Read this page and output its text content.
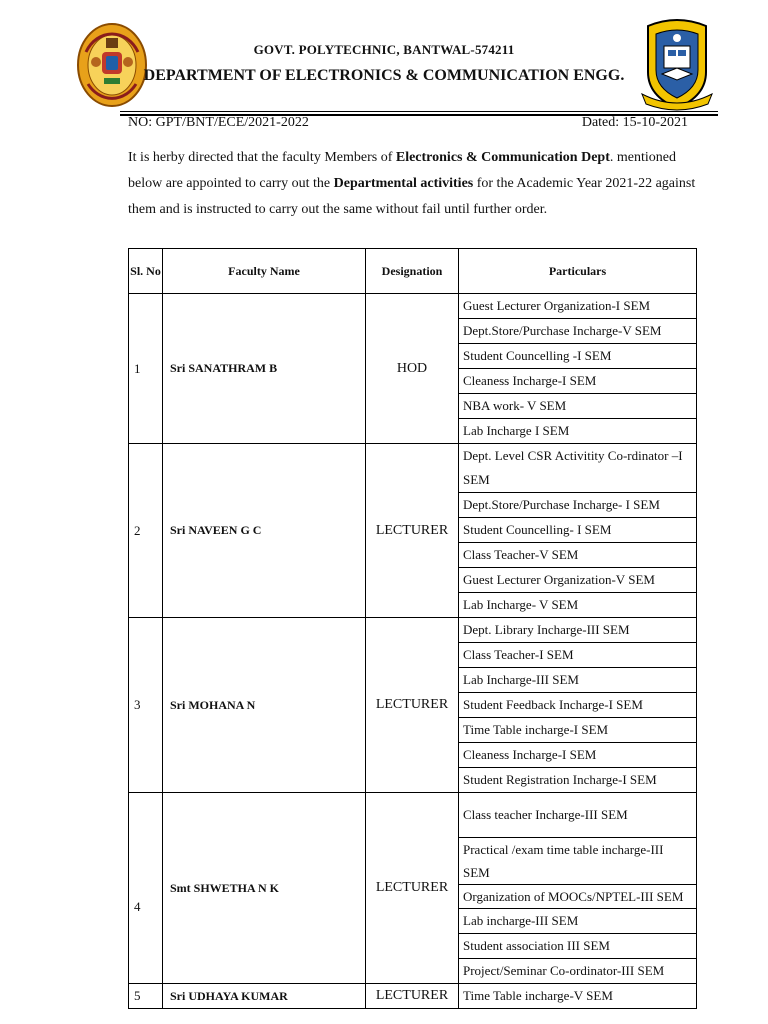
GOVT. POLYTECHNIC, BANTWAL-574211
DEPARTMENT OF ELECTRONICS & COMMUNICATION ENGG.
NO: GPT/BNT/ECE/2021-2022	Dated: 15-10-2021
It is herby directed that the faculty Members of Electronics & Communication Dept. mentioned below are appointed to carry out the Departmental activities for the Academic Year 2021-22 against them and is instructed to carry out the same without fail until further order.
Sl. No	Faculty Name	Designation	Particulars
1	Sri SANATHRAM B	HOD	Guest Lecturer Organization-I SEM
			Dept.Store/Purchase Incharge-V SEM
			Student Councelling -I SEM
			Cleaness Incharge-I SEM
			NBA work- V SEM
			Lab Incharge I SEM
2	Sri NAVEEN G C	LECTURER	Dept. Level CSR Activitity Co-rdinator –I SEM
			Dept.Store/Purchase Incharge- I SEM
			Student Councelling- I SEM
			Class Teacher-V SEM
			Guest Lecturer Organization-V SEM
			Lab Incharge- V SEM
3	Sri MOHANA N	LECTURER	Dept. Library Incharge-III SEM
			Class Teacher-I SEM
			Lab Incharge-III SEM
			Student Feedback Incharge-I SEM
			Time Table incharge-I SEM
			Cleaness Incharge-I SEM
			Student Registration Incharge-I SEM
4	Smt SHWETHA N K	LECTURER	Class teacher Incharge-III SEM
			Practical /exam time table incharge-III SEM
			Organization of MOOCs/NPTEL-III SEM
			Lab incharge-III SEM
			Student association III SEM
			Project/Seminar Co-ordinator-III SEM
5	Sri UDHAYA KUMAR	LECTURER	Time Table incharge-V SEM
